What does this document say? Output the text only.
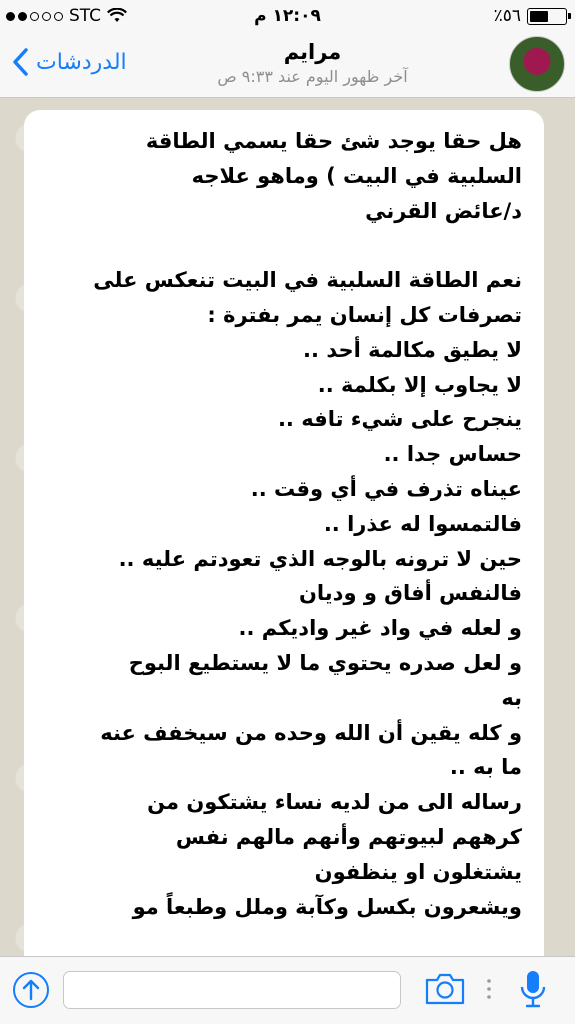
STC	١٢:٠٩ م	٪٥٦
الدردشات	مرايم
آخر ظهور اليوم عند ٩:٣٣ ص
هل حقا يوجد شئ حقا يسمي الطاقة
السلبية في البيت ) وماهو علاجه
د/عائض القرني
نعم الطاقة السلبية في البيت تنعكس على
تصرفات كل إنسان يمر بفترة :
لا يطيق مكالمة أحد ..
لا يجاوب إلا بكلمة ..
ينجرح على شيء تافه ..
حساس جدا ..
عيناه تذرف في أي وقت ..
فالتمسوا له عذرا ..
حين لا ترونه بالوجه الذي تعودتم عليه ..
فالنفس أفاق و وديان
و لعله في واد غير واديكم ..
و لعل صدره يحتوي ما لا يستطيع البوح
به
و كله يقين أن الله وحده من سيخفف عنه
ما به ..
رساله الى من لديه نساء يشتكون من
كرههم لبيوتهم وأنهم مالهم نفس
يشتغلون او ينظفون
ويشعرون بكسل وكآبة وملل وطبعاً مو
